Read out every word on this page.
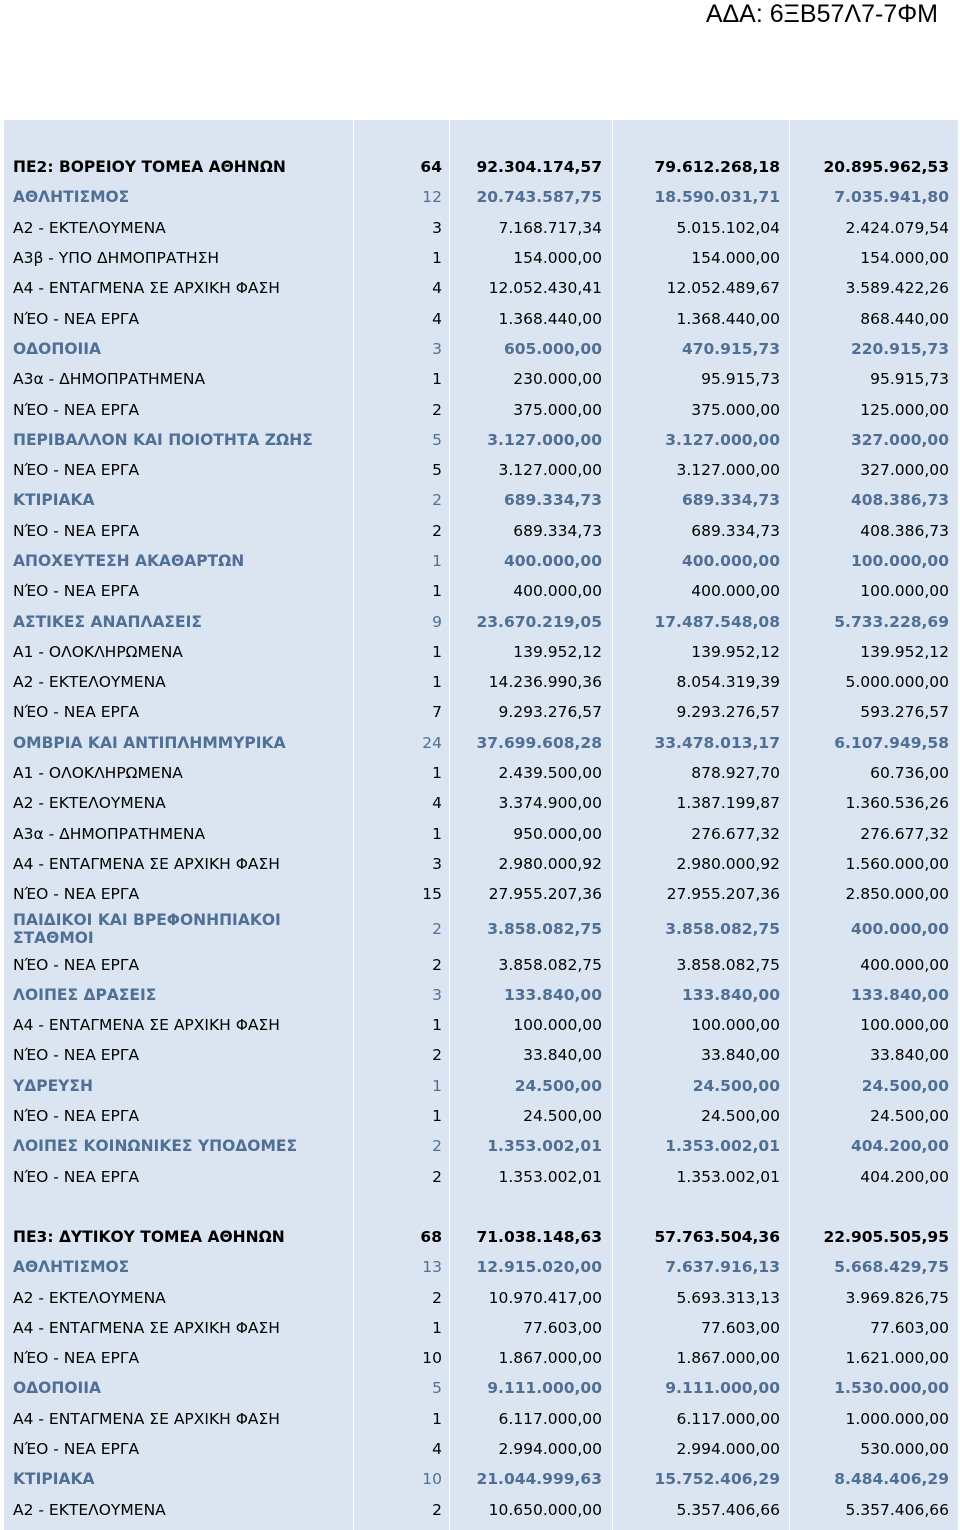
ΑΔΑ: 6ΞΒ57Λ7-7ΦΜ
ΠΕ2: ΒΟΡΕΙΟΥ ΤΟΜΕΑ ΑΘΗΝΩΝ	64 92.304.174,57	79.612.268,18	20.895.962,53
ΑΘΛΗΤΙΣΜΟΣ	12 20.743.587,75	18.590.031,71	7.035.941,80
Α2 - ΕΚΤΕΛΟΥΜΕΝΑ	3	7.168.717,34	5.015.102,04	2.424.079,54
Α3β - ΥΠΟ ΔΗΜΟΠΡΑΤΗΣΗ	1	154.000,00	154.000,00	154.000,00
Α4 - ΕΝΤΑΓΜΕΝΑ ΣΕ ΑΡΧΙΚΗ ΦΑΣΗ	4	12.052.430,41	12.052.489,67	3.589.422,26
ΝΈΟ - ΝΕΑ ΕΡΓΑ	4	1.368.440,00	1.368.440,00	868.440,00
ΟΔΟΠΟΙΙΑ	3	605.000,00	470.915,73	220.915,73
Α3α - ΔΗΜΟΠΡΑΤΗΜΕΝΑ	1	230.000,00	95.915,73	95.915,73
ΝΈΟ - ΝΕΑ ΕΡΓΑ	2	375.000,00	375.000,00	125.000,00
ΠΕΡΙΒΑΛΛΟΝ ΚΑΙ ΠΟΙΟΤΗΤΑ ΖΩΗΣ	5	3.127.000,00	3.127.000,00	327.000,00
ΝΈΟ - ΝΕΑ ΕΡΓΑ	5	3.127.000,00	3.127.000,00	327.000,00
ΚΤΙΡΙΑΚΑ	2	689.334,73	689.334,73	408.386,73
ΝΈΟ - ΝΕΑ ΕΡΓΑ	2	689.334,73	689.334,73	408.386,73
ΑΠΟΧΕΥΤΕΣΗ ΑΚΑΘΑΡΤΩΝ	1	400.000,00	400.000,00	100.000,00
ΝΈΟ - ΝΕΑ ΕΡΓΑ	1	400.000,00	400.000,00	100.000,00
ΑΣΤΙΚΕΣ ΑΝΑΠΛΑΣΕΙΣ	9 23.670.219,05	17.487.548,08	5.733.228,69
Α1 - ΟΛΟΚΛΗΡΩΜΕΝΑ	1	139.952,12	139.952,12	139.952,12
Α2 - ΕΚΤΕΛΟΥΜΕΝΑ	1	14.236.990,36	8.054.319,39	5.000.000,00
ΝΈΟ - ΝΕΑ ΕΡΓΑ	7	9.293.276,57	9.293.276,57	593.276,57
ΟΜΒΡΙΑ ΚΑΙ ΑΝΤΙΠΛΗΜΜΥΡΙΚΑ	24 37.699.608,28	33.478.013,17	6.107.949,58
Α1 - ΟΛΟΚΛΗΡΩΜΕΝΑ	1	2.439.500,00	878.927,70	60.736,00
Α2 - ΕΚΤΕΛΟΥΜΕΝΑ	4	3.374.900,00	1.387.199,87	1.360.536,26
Α3α - ΔΗΜΟΠΡΑΤΗΜΕΝΑ	1	950.000,00	276.677,32	276.677,32
Α4 - ΕΝΤΑΓΜΕΝΑ ΣΕ ΑΡΧΙΚΗ ΦΑΣΗ	3	2.980.000,92	2.980.000,92	1.560.000,00
ΝΈΟ - ΝΕΑ ΕΡΓΑ	15	27.955.207,36	27.955.207,36	2.850.000,00
ΠΑΙΔΙΚΟΙ ΚΑΙ ΒΡΕΦΟΝΗΠΙΑΚΟΙ ΣΤΑΘΜΟΙ	2	3.858.082,75	3.858.082,75	400.000,00
ΝΈΟ - ΝΕΑ ΕΡΓΑ	2	3.858.082,75	3.858.082,75	400.000,00
ΛΟΙΠΕΣ ΔΡΑΣΕΙΣ	3	133.840,00	133.840,00	133.840,00
Α4 - ΕΝΤΑΓΜΕΝΑ ΣΕ ΑΡΧΙΚΗ ΦΑΣΗ	1	100.000,00	100.000,00	100.000,00
ΝΈΟ - ΝΕΑ ΕΡΓΑ	2	33.840,00	33.840,00	33.840,00
ΥΔΡΕΥΣΗ	1	24.500,00	24.500,00	24.500,00
ΝΈΟ - ΝΕΑ ΕΡΓΑ	1	24.500,00	24.500,00	24.500,00
ΛΟΙΠΕΣ ΚΟΙΝΩΝΙΚΕΣ ΥΠΟΔΟΜΕΣ	2	1.353.002,01	1.353.002,01	404.200,00
ΝΈΟ - ΝΕΑ ΕΡΓΑ	2	1.353.002,01	1.353.002,01	404.200,00
ΠΕ3: ΔΥΤΙΚΟΥ ΤΟΜΕΑ ΑΘΗΝΩΝ	68 71.038.148,63	57.763.504,36	22.905.505,95
ΑΘΛΗΤΙΣΜΟΣ	13 12.915.020,00	7.637.916,13	5.668.429,75
Α2 - ΕΚΤΕΛΟΥΜΕΝΑ	2	10.970.417,00	5.693.313,13	3.969.826,75
Α4 - ΕΝΤΑΓΜΕΝΑ ΣΕ ΑΡΧΙΚΗ ΦΑΣΗ	1	77.603,00	77.603,00	77.603,00
ΝΈΟ - ΝΕΑ ΕΡΓΑ	10	1.867.000,00	1.867.000,00	1.621.000,00
ΟΔΟΠΟΙΙΑ	5	9.111.000,00	9.111.000,00	1.530.000,00
Α4 - ΕΝΤΑΓΜΕΝΑ ΣΕ ΑΡΧΙΚΗ ΦΑΣΗ	1	6.117.000,00	6.117.000,00	1.000.000,00
ΝΈΟ - ΝΕΑ ΕΡΓΑ	4	2.994.000,00	2.994.000,00	530.000,00
ΚΤΙΡΙΑΚΑ	10 21.044.999,63	15.752.406,29	8.484.406,29
Α2 - ΕΚΤΕΛΟΥΜΕΝΑ	2	10.650.000,00	5.357.406,66	5.357.406,66
